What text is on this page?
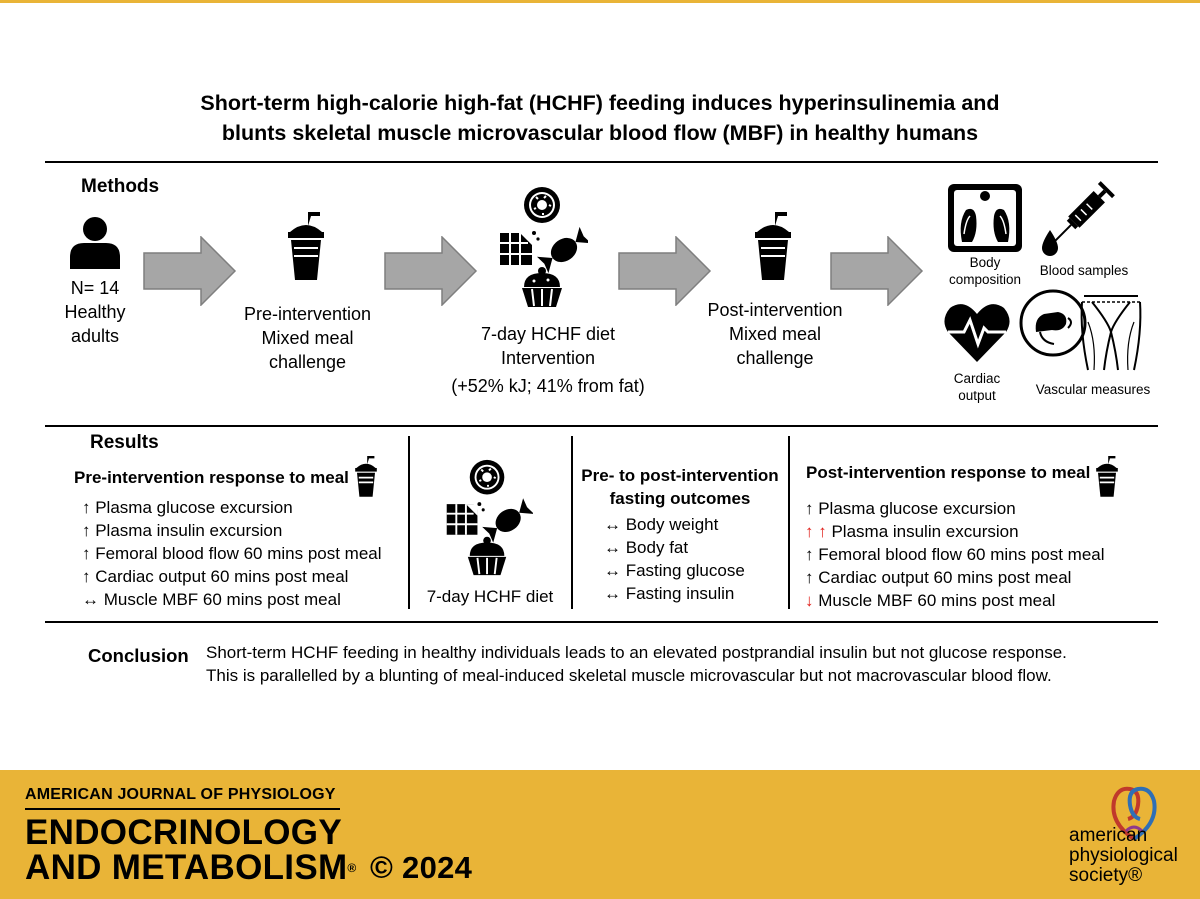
Short-term high-calorie high-fat (HCHF) feeding induces hyperinsulinemia and
blunts skeletal muscle microvascular blood flow (MBF) in healthy humans
Methods
N= 14
Healthy
adults
Pre-intervention
Mixed meal
challenge
7-day HCHF diet
Intervention
(+52% kJ; 41% from fat)
Post-intervention
Mixed meal
challenge
Body
composition
Blood samples
Cardiac
output	Vascular measures
Results
Pre-intervention response to meal
↑ Plasma glucose excursion
↑ Plasma insulin excursion
↑ Femoral blood flow 60 mins post meal
↑ Cardiac output 60 mins post meal
↔ Muscle MBF 60 mins post meal	7-day HCHF diet
Pre- to post-intervention
fasting outcomes
↔ Body weight
↔ Body fat
↔ Fasting glucose
↔ Fasting insulin
Post-intervention response to meal
↑ Plasma glucose excursion
↑ ↑ Plasma insulin excursion
↑ Femoral blood flow 60 mins post meal
↑ Cardiac output 60 mins post meal
↓ Muscle MBF 60 mins post meal
Conclusion Short-term HCHF feeding in healthy individuals leads to an elevated postprandial insulin but not glucose response.
This is parallelled by a blunting of meal-induced skeletal muscle microvascular but not macrovascular blood flow.
AMERICAN JOURNAL OF PHYSIOLOGY
ENDOCRINOLOGY
AND METABOLISM® © 2024
american
physiological
society®
